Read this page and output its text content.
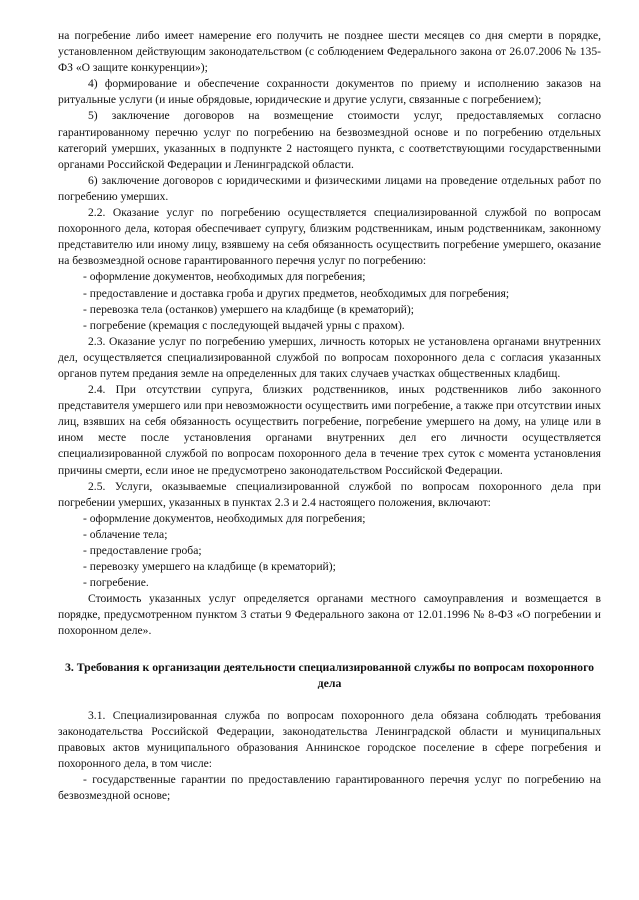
на погребение либо имеет намерение его получить не позднее шести месяцев со дня смерти в порядке, установленном действующим законодательством (с соблюдением Федерального закона от 26.07.2006 № 135-ФЗ «О защите конкуренции»);

4) формирование и обеспечение сохранности документов по приему и исполнению заказов на ритуальные услуги (и иные обрядовые, юридические и другие услуги, связанные с погребением);

5) заключение договоров на возмещение стоимости услуг, предоставляемых согласно гарантированному перечню услуг по погребению на безвозмездной основе и по погребению отдельных категорий умерших, указанных в подпункте 2 настоящего пункта, с соответствующими государственными органами Российской Федерации и Ленинградской области.

6) заключение договоров с юридическими и физическими лицами на проведение отдельных работ по погребению умерших.

2.2. Оказание услуг по погребению осуществляется специализированной службой по вопросам похоронного дела, которая обеспечивает супругу, близким родственникам, иным родственникам, законному представителю или иному лицу, взявшему на себя обязанность осуществить погребение умершего, оказание на безвозмездной основе гарантированного перечня услуг по погребению:

- оформление документов, необходимых для погребения;

- предоставление и доставка гроба и других предметов, необходимых для погребения;

- перевозка тела (останков) умершего на кладбище (в крематорий);

- погребение (кремация с последующей выдачей урны с прахом).

2.3. Оказание услуг по погребению умерших, личность которых не установлена органами внутренних дел, осуществляется специализированной службой по вопросам похоронного дела с согласия указанных органов путем предания земле на определенных для таких случаев участках общественных кладбищ.

2.4. При отсутствии супруга, близких родственников, иных родственников либо законного представителя умершего или при невозможности осуществить ими погребение, а также при отсутствии иных лиц, взявших на себя обязанность осуществить погребение, погребение умершего на дому, на улице или в ином месте после установления органами внутренних дел его личности осуществляется специализированной службой по вопросам похоронного дела в течение трех суток с момента установления причины смерти, если иное не предусмотрено законодательством Российской Федерации.

2.5. Услуги, оказываемые специализированной службой по вопросам похоронного дела при погребении умерших, указанных в пунктах 2.3 и 2.4 настоящего положения, включают:

- оформление документов, необходимых для погребения;

- облачение тела;

- предоставление гроба;

- перевозку умершего на кладбище (в крематорий);

- погребение.

Стоимость указанных услуг определяется органами местного самоуправления и возмещается в порядке, предусмотренном пунктом 3 статьи 9 Федерального закона от 12.01.1996 № 8-ФЗ «О погребении и похоронном деле».

3. Требования к организации деятельности специализированной службы по вопросам похоронного дела

3.1. Специализированная служба по вопросам похоронного дела обязана соблюдать требования законодательства Российской Федерации, законодательства Ленинградской области и муниципальных правовых актов муниципального образования Аннинское городское поселение в сфере погребения и похоронного дела, в том числе:

- государственные гарантии по предоставлению гарантированного перечня услуг по погребению на безвозмездной основе;
